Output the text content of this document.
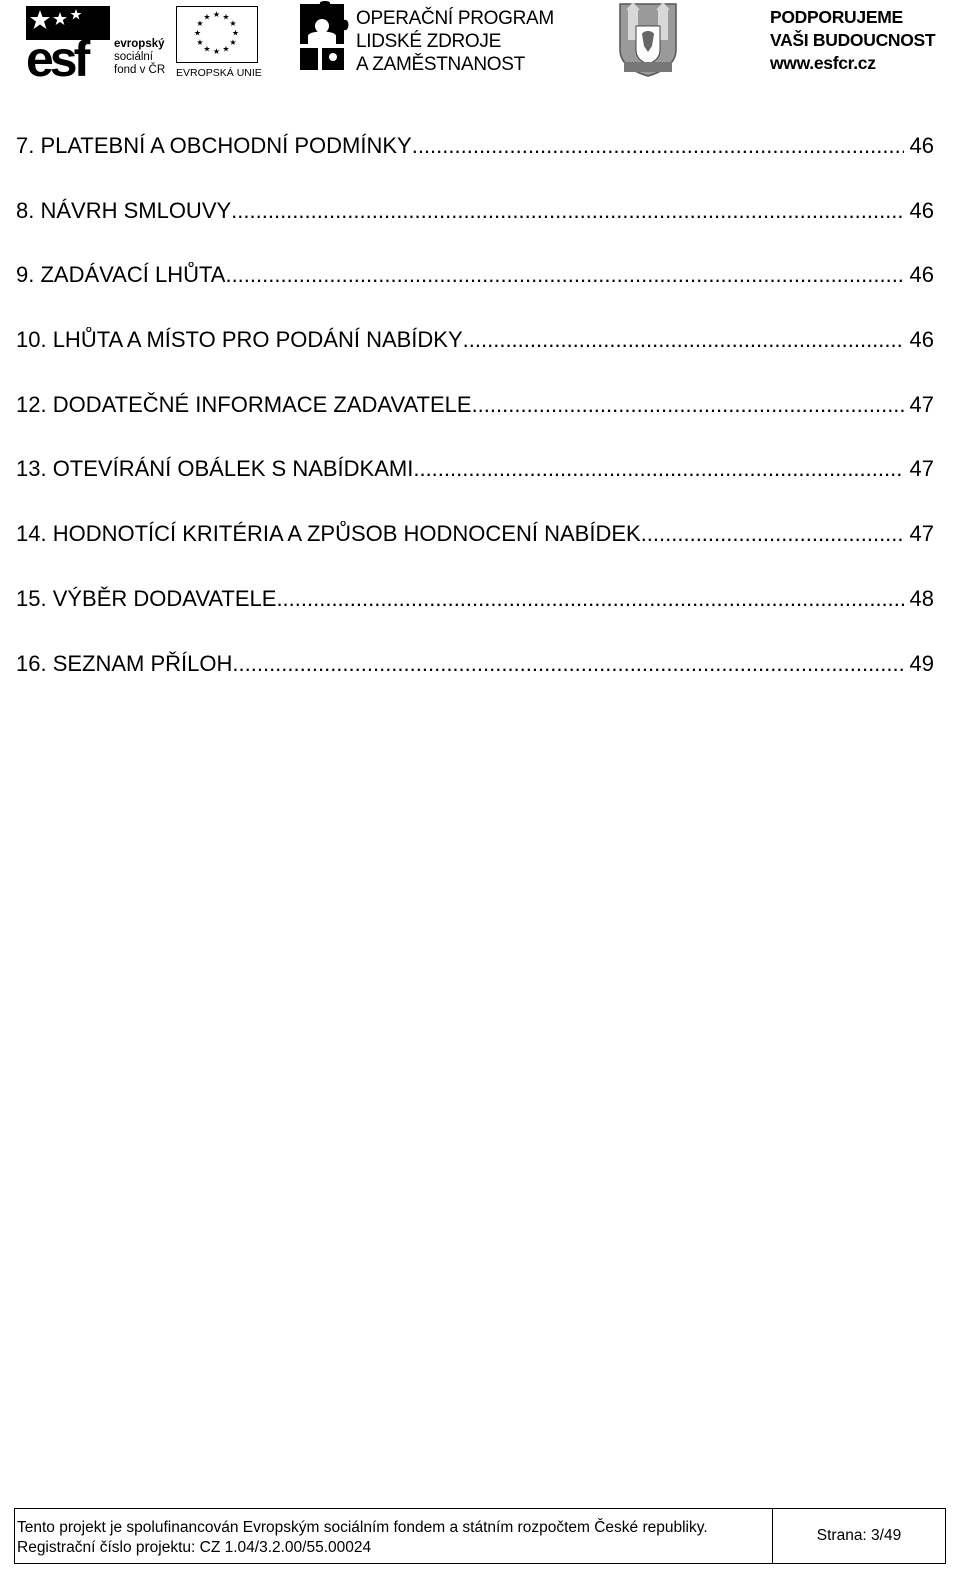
esf	evropský
sociální
fond v ČR
★ ★
★
★
★
★
★
★
★
★
★
★
EVROPSKÁ UNIE
OPERAČNÍ PROGRAM
LIDSKÉ ZDROJE
A ZAMĚSTNANOST
PODPORUJEME
VAŠI BUDOUCNOST
www.esfcr.cz
7. PLATEBNÍ A OBCHODNÍ PODMÍNKY .....	46
8. NÁVRH SMLOUVY .....	46
9. ZADÁVACÍ LHŮTA .....	46
10. LHŮTA A MÍSTO PRO PODÁNÍ NABÍDKY .....	46
12. DODATEČNÉ INFORMACE ZADAVATELE .....	47
13. OTEVÍRÁNÍ OBÁLEK S NABÍDKAMI .....	47
14. HODNOTÍCÍ KRITÉRIA A ZPŮSOB HODNOCENÍ NABÍDEK .....	47
15. VÝBĚR DODAVATELE .....	48
16. SEZNAM PŘÍLOH .....	49
Tento projekt je spolufinancován Evropským sociálním fondem a státním rozpočtem České republiky.
Registrační číslo projektu: CZ 1.04/3.2.00/55.00024
Strana: 3/49
